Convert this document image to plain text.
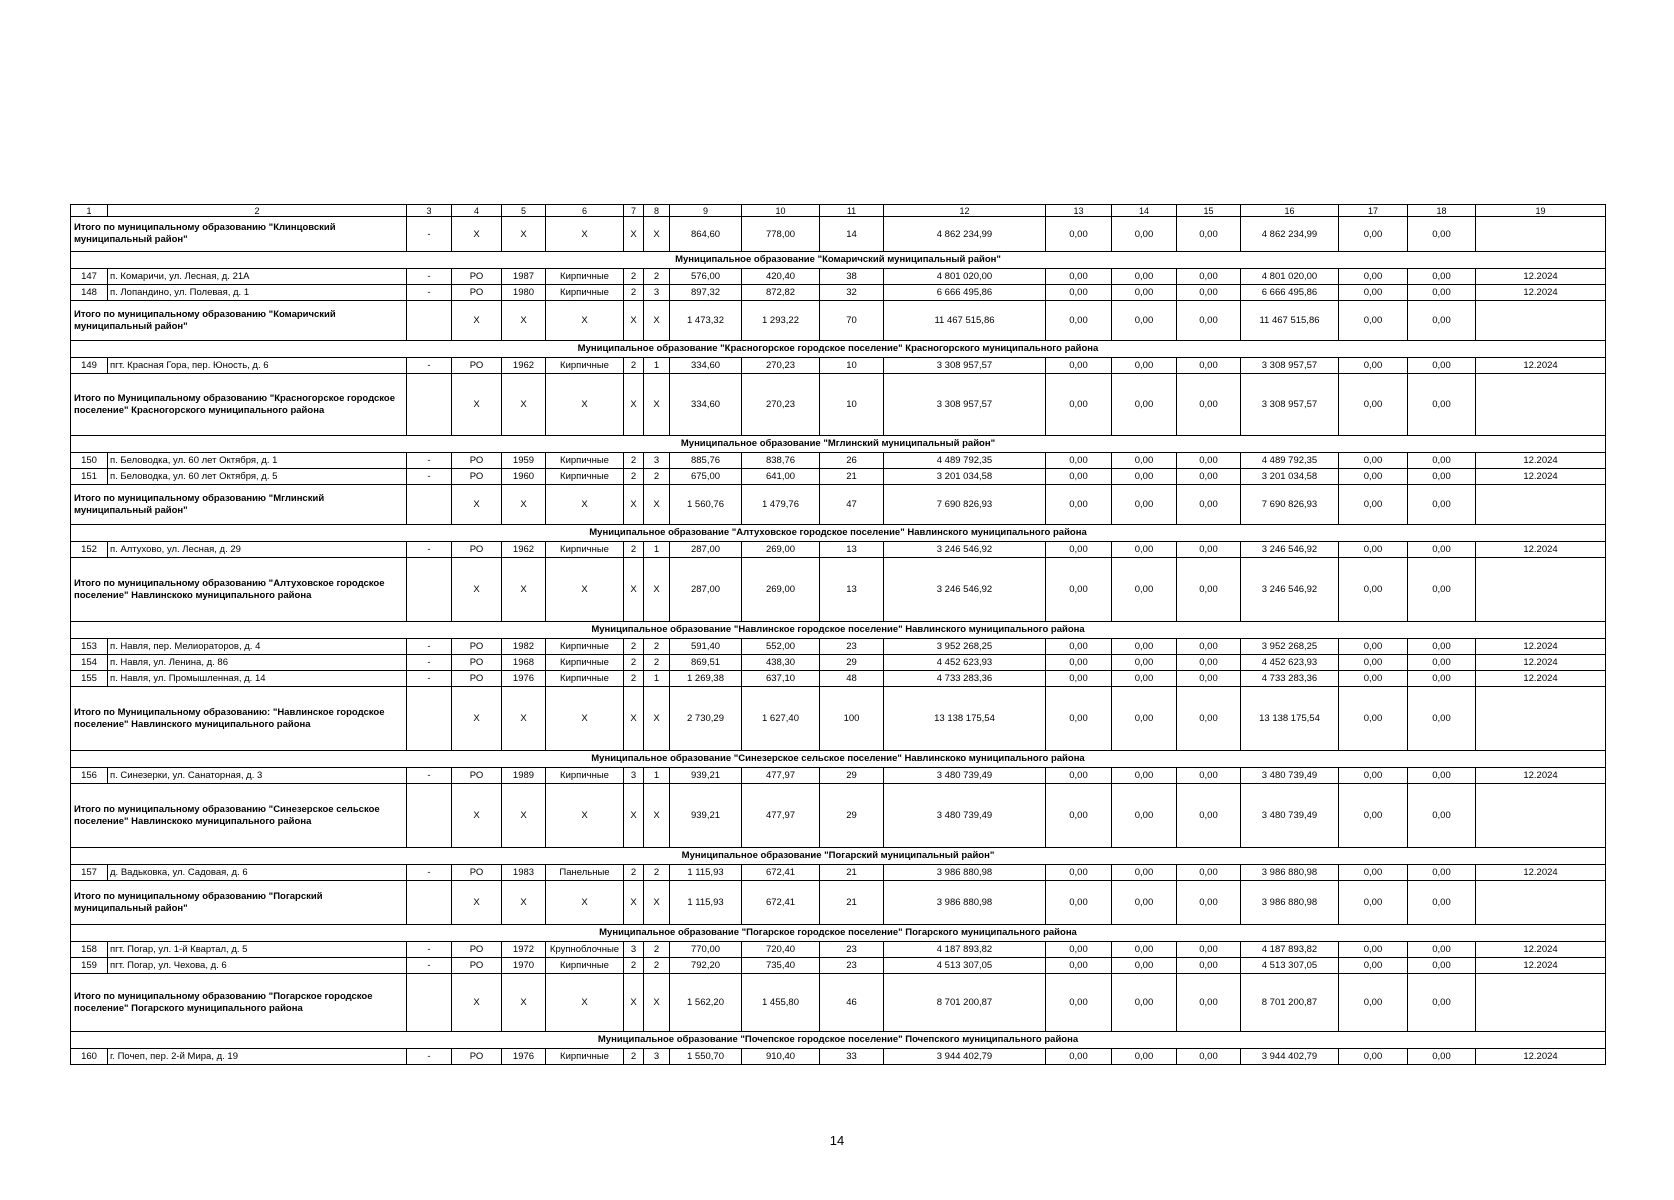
1	2	3	4	5	6	7	8	9	10	11	12	13	14	15	16	17	18	19
Итого по муниципальному образованию "Клинцовский муниципальный район"		-	X	X	X	X	X	864,60	778,00	14	4 862 234,99	0,00	0,00	0,00	4 862 234,99	0,00	0,00	
Муниципальное образование "Комаричский муниципальный район"																		
147	п. Комаричи, ул. Лесная, д. 21А	-	РО	1987	Кирпичные	2	2	576,00	420,40	38	4 801 020,00	0,00	0,00	0,00	4 801 020,00	0,00	0,00	12.2024
148	п. Лопандино, ул. Полевая, д. 1	-	РО	1980	Кирпичные	2	3	897,32	872,82	32	6 666 495,86	0,00	0,00	0,00	6 666 495,86	0,00	0,00	12.2024
Итого по муниципальному образованию "Комаричский муниципальный район"			X	X	X	X	X	1 473,32	1 293,22	70	11 467 515,86	0,00	0,00	0,00	11 467 515,86	0,00	0,00	
Муниципальное образование "Красногорское городское поселение" Красногорского муниципального района																		
149	пгт. Красная Гора, пер. Юность, д. 6	-	РО	1962	Кирпичные	2	1	334,60	270,23	10	3 308 957,57	0,00	0,00	0,00	3 308 957,57	0,00	0,00	12.2024
Итого по Муниципальному образованию "Красногорское городское поселение" Красногорского муниципального района			X	X	X	X	X	334,60	270,23	10	3 308 957,57	0,00	0,00	0,00	3 308 957,57	0,00	0,00	
Муниципальное образование "Мглинский муниципальный район"																		
150	п. Беловодка, ул. 60 лет Октября, д. 1	-	РО	1959	Кирпичные	2	3	885,76	838,76	26	4 489 792,35	0,00	0,00	0,00	4 489 792,35	0,00	0,00	12.2024
151	п. Беловодка, ул. 60 лет Октября, д. 5	-	РО	1960	Кирпичные	2	2	675,00	641,00	21	3 201 034,58	0,00	0,00	0,00	3 201 034,58	0,00	0,00	12.2024
Итого по муниципальному образованию "Мглинский муниципальный район"			X	X	X	X	X	1 560,76	1 479,76	47	7 690 826,93	0,00	0,00	0,00	7 690 826,93	0,00	0,00	
Муниципальное образование "Алтуховское городское поселение" Навлинского муниципального района																		
152	п. Алтухово, ул. Лесная, д. 29	-	РО	1962	Кирпичные	2	1	287,00	269,00	13	3 246 546,92	0,00	0,00	0,00	3 246 546,92	0,00	0,00	12.2024
Итого по муниципальному образованию "Алтуховское городское поселение" Навлинскоко муниципального района			X	X	X	X	X	287,00	269,00	13	3 246 546,92	0,00	0,00	0,00	3 246 546,92	0,00	0,00	
Муниципальное образование "Навлинское городское поселение" Навлинского муниципального района																		
153	п. Навля, пер. Мелиораторов, д. 4	-	РО	1982	Кирпичные	2	2	591,40	552,00	23	3 952 268,25	0,00	0,00	0,00	3 952 268,25	0,00	0,00	12.2024
154	п. Навля, ул. Ленина, д. 86	-	РО	1968	Кирпичные	2	2	869,51	438,30	29	4 452 623,93	0,00	0,00	0,00	4 452 623,93	0,00	0,00	12.2024
155	п. Навля, ул. Промышленная, д. 14	-	РО	1976	Кирпичные	2	1	1 269,38	637,10	48	4 733 283,36	0,00	0,00	0,00	4 733 283,36	0,00	0,00	12.2024
Итого по Муниципальному образованию: "Навлинское городское поселение" Навлинского муниципального района			X	X	X	X	X	2 730,29	1 627,40	100	13 138 175,54	0,00	0,00	0,00	13 138 175,54	0,00	0,00	
Муниципальное образование "Синезерское сельское поселение" Навлинскоко муниципального района																		
156	п. Синезерки, ул. Санаторная, д. 3	-	РО	1989	Кирпичные	3	1	939,21	477,97	29	3 480 739,49	0,00	0,00	0,00	3 480 739,49	0,00	0,00	12.2024
Итого по муниципальному образованию "Синезерское сельское поселение" Навлинскоко муниципального района			X	X	X	X	X	939,21	477,97	29	3 480 739,49	0,00	0,00	0,00	3 480 739,49	0,00	0,00	
Муниципальное образование "Погарский муниципальный район"																		
157	д. Вадьковка, ул. Садовая, д. 6	-	РО	1983	Панельные	2	2	1 115,93	672,41	21	3 986 880,98	0,00	0,00	0,00	3 986 880,98	0,00	0,00	12.2024
Итого по муниципальному образованию "Погарский муниципальный район"			X	X	X	X	X	1 115,93	672,41	21	3 986 880,98	0,00	0,00	0,00	3 986 880,98	0,00	0,00	
Муниципальное образование "Погарское городское поселение" Погарского муниципального района																		
158	пгт. Погар, ул. 1-й Квартал, д. 5	-	РО	1972	Крупноблочные	3	2	770,00	720,40	23	4 187 893,82	0,00	0,00	0,00	4 187 893,82	0,00	0,00	12.2024
159	пгт. Погар, ул. Чехова, д. 6	-	РО	1970	Кирпичные	2	2	792,20	735,40	23	4 513 307,05	0,00	0,00	0,00	4 513 307,05	0,00	0,00	12.2024
Итого по муниципальному образованию "Погарское городское поселение" Погарского муниципального района			X	X	X	X	X	1 562,20	1 455,80	46	8 701 200,87	0,00	0,00	0,00	8 701 200,87	0,00	0,00	
Муниципальное образование "Почепское городское поселение" Почепского муниципального района																		
160	г. Почеп, пер. 2-й Мира, д. 19	-	РО	1976	Кирпичные	2	3	1 550,70	910,40	33	3 944 402,79	0,00	0,00	0,00	3 944 402,79	0,00	0,00	12.2024
14
